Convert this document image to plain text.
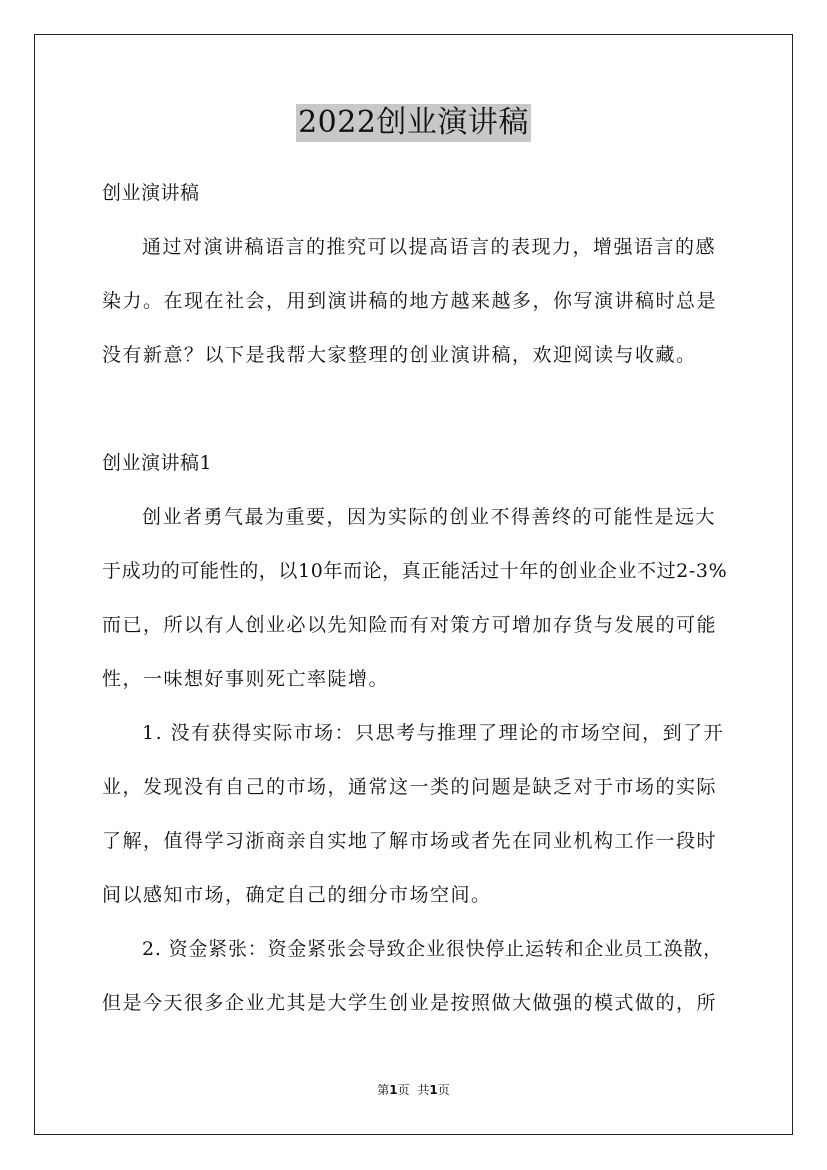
2022创业演讲稿
创业演讲稿
通过对演讲稿语言的推究可以提高语言的表现力，增强语言的感
染力。在现在社会，用到演讲稿的地方越来越多，你写演讲稿时总是
没有新意？以下是我帮大家整理的创业演讲稿，欢迎阅读与收藏。
创业演讲稿1
创业者勇气最为重要，因为实际的创业不得善终的可能性是远大
于成功的可能性的，以10年而论，真正能活过十年的创业企业不过2-3%
而已，所以有人创业必以先知险而有对策方可增加存货与发展的可能
性，一味想好事则死亡率陡增。
1. 没有获得实际市场：只思考与推理了理论的市场空间，到了开
业，发现没有自己的市场，通常这一类的问题是缺乏对于市场的实际
了解，值得学习浙商亲自实地了解市场或者先在同业机构工作一段时
间以感知市场，确定自己的细分市场空间。
2. 资金紧张：资金紧张会导致企业很快停止运转和企业员工涣散，
但是今天很多企业尤其是大学生创业是按照做大做强的模式做的，所
第1页 共1页
